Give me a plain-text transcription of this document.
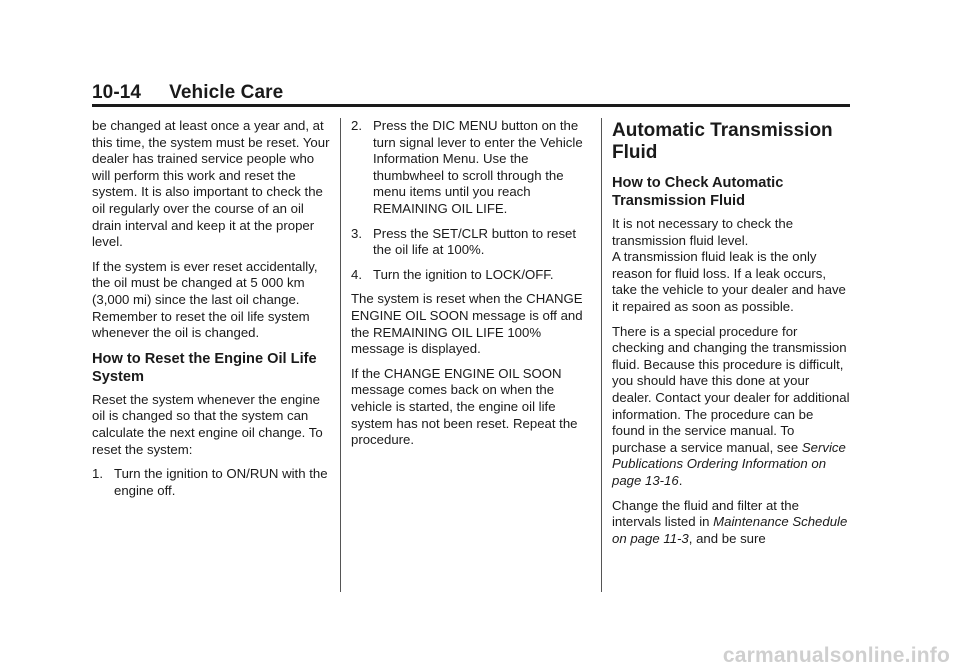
10-14 Vehicle Care

be changed at least once a year and, at this time, the system must be reset. Your dealer has trained service people who will perform this work and reset the system. It is also important to check the oil regularly over the course of an oil drain interval and keep it at the proper level.

If the system is ever reset accidentally, the oil must be changed at 5 000 km (3,000 mi) since the last oil change. Remember to reset the oil life system whenever the oil is changed.

How to Reset the Engine Oil Life System

Reset the system whenever the engine oil is changed so that the system can calculate the next engine oil change. To reset the system:

1. Turn the ignition to ON/RUN with the engine off.
2. Press the DIC MENU button on the turn signal lever to enter the Vehicle Information Menu. Use the thumbwheel to scroll through the menu items until you reach REMAINING OIL LIFE.
3. Press the SET/CLR button to reset the oil life at 100%.
4. Turn the ignition to LOCK/OFF.

The system is reset when the CHANGE ENGINE OIL SOON message is off and the REMAINING OIL LIFE 100% message is displayed.

If the CHANGE ENGINE OIL SOON message comes back on when the vehicle is started, the engine oil life system has not been reset. Repeat the procedure.

Automatic Transmission Fluid
How to Check Automatic Transmission Fluid

It is not necessary to check the transmission fluid level.

A transmission fluid leak is the only reason for fluid loss. If a leak occurs, take the vehicle to your dealer and have it repaired as soon as possible.

There is a special procedure for checking and changing the transmission fluid. Because this procedure is difficult, you should have this done at your dealer. Contact your dealer for additional information. The procedure can be found in the service manual. To purchase a service manual, see Service Publications Ordering Information on page 13-16.

Change the fluid and filter at the intervals listed in Maintenance Schedule on page 11-3, and be sure

carmanualsonline.info
